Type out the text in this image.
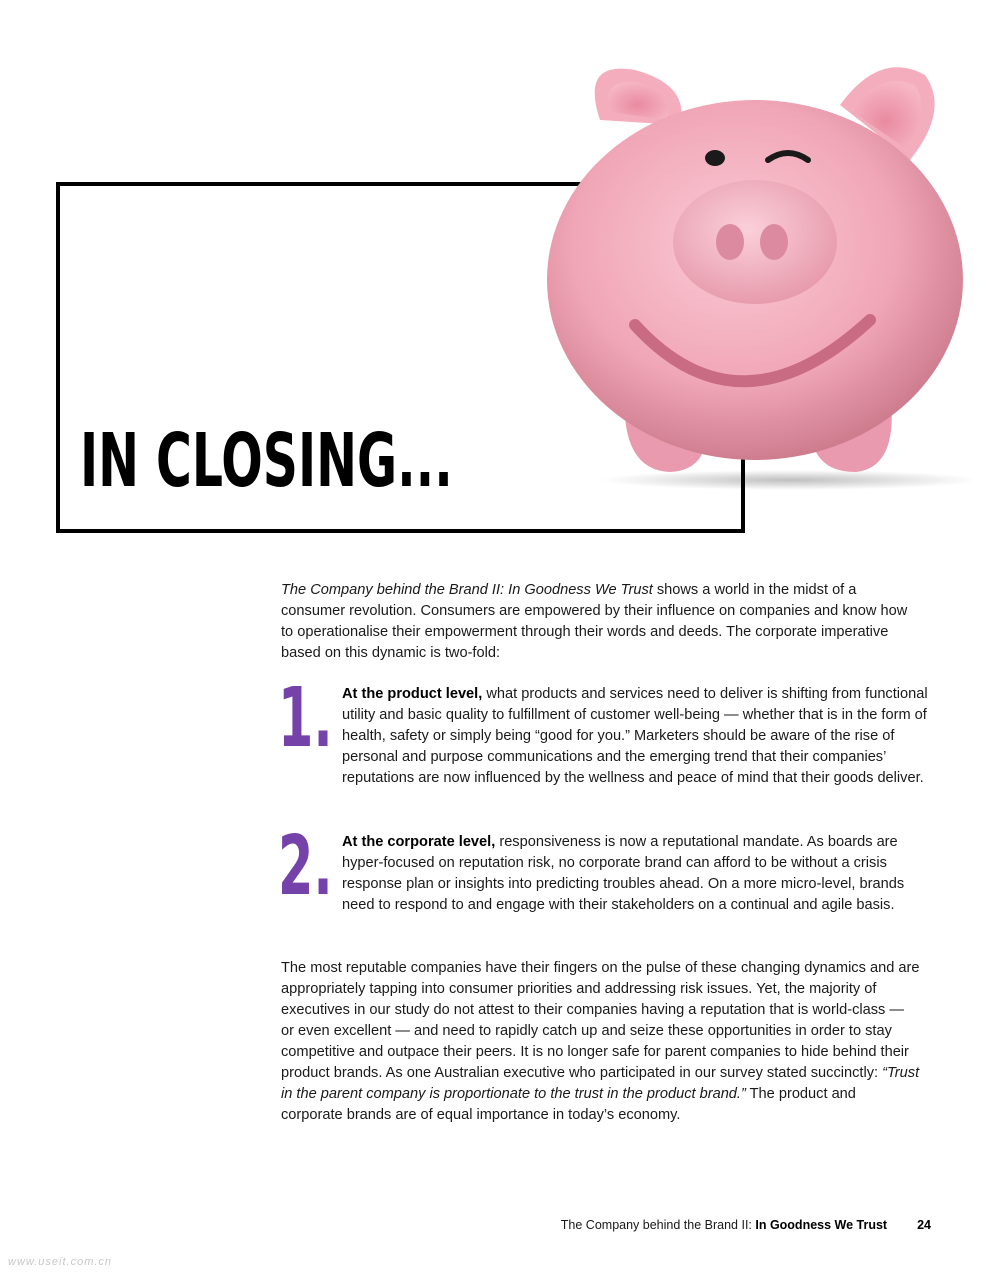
IN CLOSING...
The Company behind the Brand II: In Goodness We Trust shows a world in the midst of a consumer revolution. Consumers are empowered by their influence on companies and know how to operationalise their empowerment through their words and deeds. The corporate imperative based on this dynamic is two-fold:
1. At the product level, what products and services need to deliver is shifting from functional utility and basic quality to fulfillment of customer well-being — whether that is in the form of health, safety or simply being “good for you.” Marketers should be aware of the rise of personal and purpose communications and the emerging trend that their companies’ reputations are now influenced by the wellness and peace of mind that their goods deliver.
2. At the corporate level, responsiveness is now a reputational mandate. As boards are hyper-focused on reputation risk, no corporate brand can afford to be without a crisis response plan or insights into predicting troubles ahead. On a more micro-level, brands need to respond to and engage with their stakeholders on a continual and agile basis.
The most reputable companies have their fingers on the pulse of these changing dynamics and are appropriately tapping into consumer priorities and addressing risk issues. Yet, the majority of executives in our study do not attest to their companies having a reputation that is world-class — or even excellent — and need to rapidly catch up and seize these opportunities in order to stay competitive and outpace their peers. It is no longer safe for parent companies to hide behind their product brands. As one Australian executive who participated in our survey stated succinctly: “Trust in the parent company is proportionate to the trust in the product brand.” The product and corporate brands are of equal importance in today’s economy.
The Company behind the Brand II: In Goodness We Trust 24
www.useit.com.cn
